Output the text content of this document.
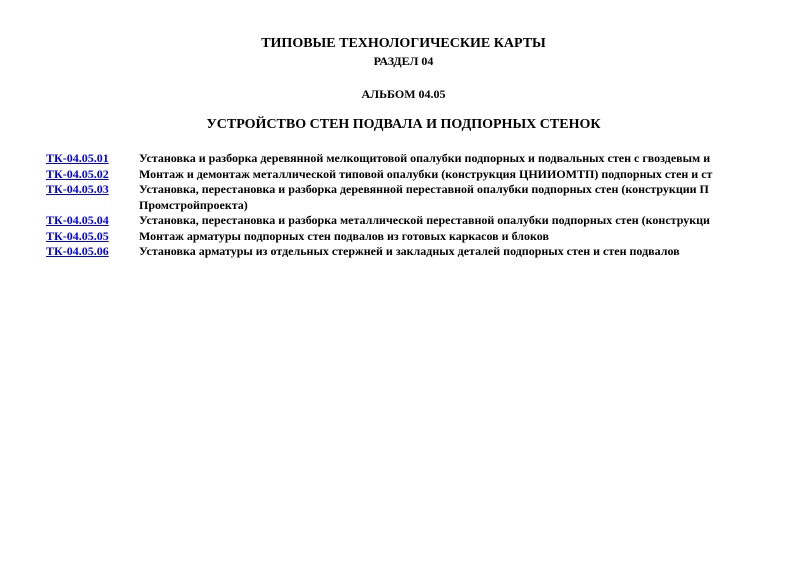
ТИПОВЫЕ ТЕХНОЛОГИЧЕСКИЕ КАРТЫ
РАЗДЕЛ 04
АЛЬБОМ 04.05
УСТРОЙСТВО СТЕН ПОДВАЛА И ПОДПОРНЫХ СТЕНОК
ТК-04.05.01	Установка и разборка деревянной мелкощитовой опалубки подпорных и подвальных стен с гвоздевым и
ТК-04.05.02	Монтаж и демонтаж металлической типовой опалубки (конструкция ЦНИИОМТП) подпорных стен и ст
ТК-04.05.03	Установка, перестановка и разборка деревянной переставной опалубки подпорных стен (конструкции П
Промстройпроекта)
ТК-04.05.04	Установка, перестановка и разборка металлической переставной опалубки подпорных стен (конструкци
ТК-04.05.05	Монтаж арматуры подпорных стен подвалов из готовых каркасов и блоков
ТК-04.05.06	Установка арматуры из отдельных стержней и закладных деталей подпорных стен и стен подвалов
